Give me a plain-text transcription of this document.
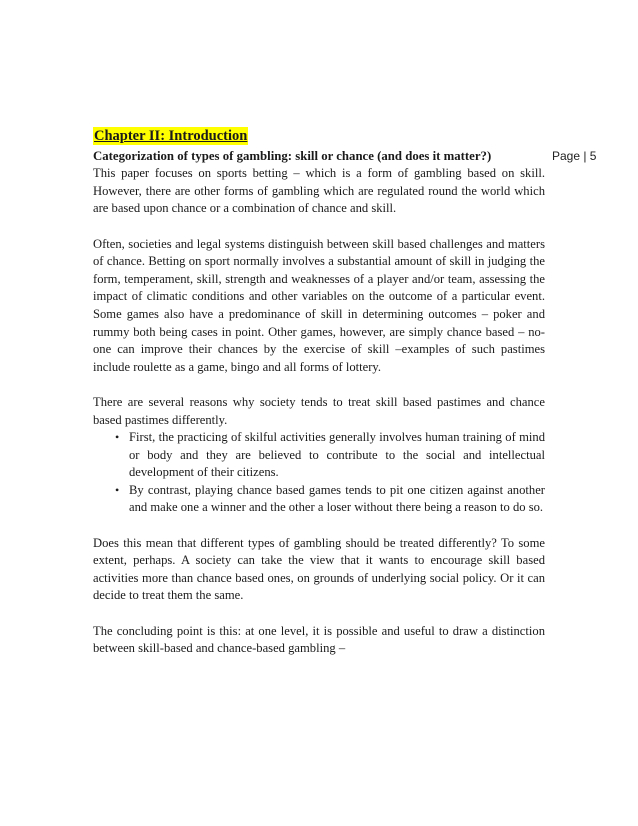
Page | 5
Chapter II: Introduction
Categorization of types of gambling: skill or chance (and does it matter?)

This paper focuses on sports betting – which is a form of gambling based on skill. However, there are other forms of gambling which are regulated round the world which are based upon chance or a combination of chance and skill.

Often, societies and legal systems distinguish between skill based challenges and matters of chance. Betting on sport normally involves a substantial amount of skill in judging the form, temperament, skill, strength and weaknesses of a player and/or team, assessing the impact of climatic conditions and other variables on the outcome of a particular event. Some games also have a predominance of skill in determining outcomes – poker and rummy both being cases in point. Other games, however, are simply chance based – no-one can improve their chances by the exercise of skill –examples of such pastimes include roulette as a game, bingo and all forms of lottery.

There are several reasons why society tends to treat skill based pastimes and chance based pastimes differently.

• First, the practicing of skilful activities generally involves human training of mind or body and they are believed to contribute to the social and intellectual development of their citizens.
• By contrast, playing chance based games tends to pit one citizen against another and make one a winner and the other a loser without there being a reason to do so.

Does this mean that different types of gambling should be treated differently? To some extent, perhaps. A society can take the view that it wants to encourage skill based activities more than chance based ones, on grounds of underlying social policy. Or it can decide to treat them the same.

The concluding point is this: at one level, it is possible and useful to draw a distinction between skill-based and chance-based gambling –
